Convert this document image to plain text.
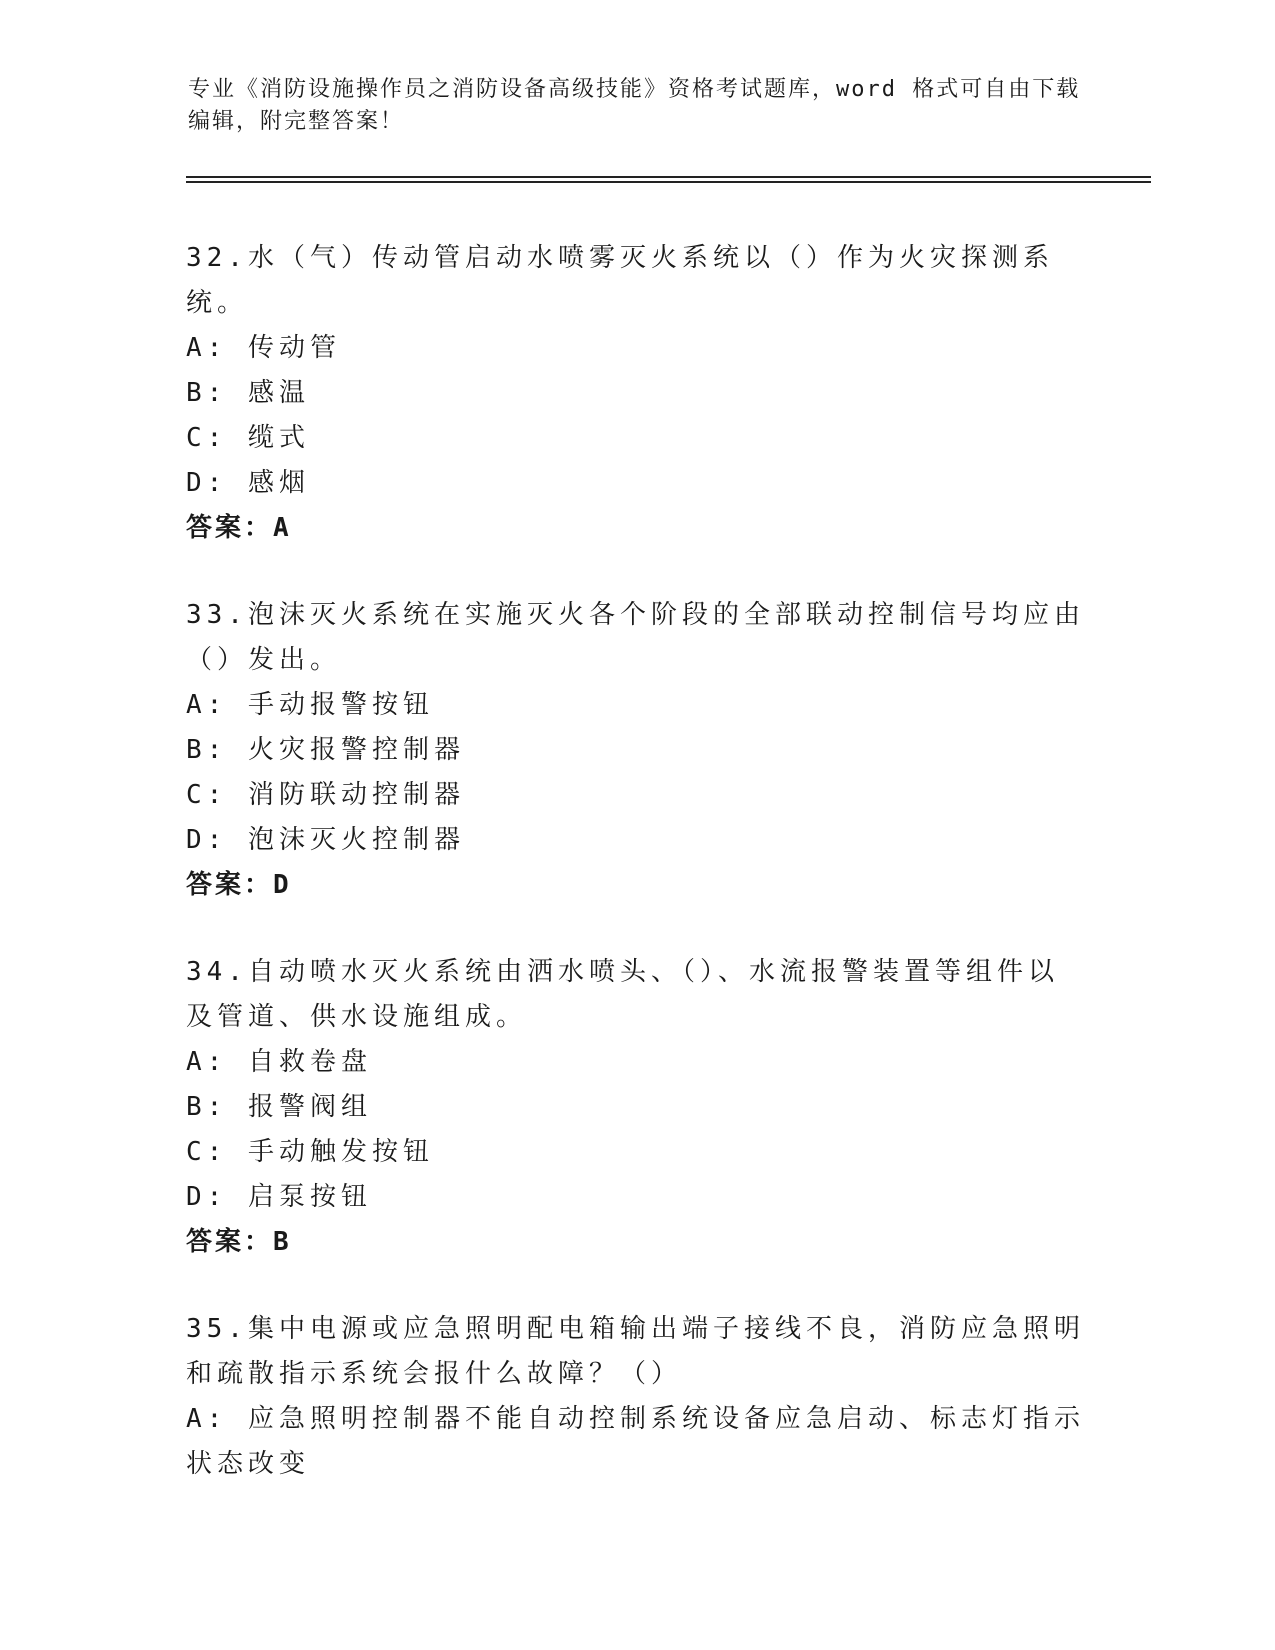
专业《消防设施操作员之消防设备高级技能》资格考试题库，word 格式可自由下载编辑，附完整答案！

32.水（气）传动管启动水喷雾灭火系统以（）作为火灾探测系统。

A: 传动管

B: 感温

C: 缆式

D: 感烟

答案：A

33.泡沫灭火系统在实施灭火各个阶段的全部联动控制信号均应由（）发出。

A: 手动报警按钮

B: 火灾报警控制器

C: 消防联动控制器

D: 泡沫灭火控制器

答案：D

34.自动喷水灭火系统由洒水喷头、（）、水流报警装置等组件以及管道、供水设施组成。

A: 自救卷盘

B: 报警阀组

C: 手动触发按钮

D: 启泵按钮

答案：B

35.集中电源或应急照明配电箱输出端子接线不良，消防应急照明和疏散指示系统会报什么故障？（）

A: 应急照明控制器不能自动控制系统设备应急启动、标志灯指示状态改变
